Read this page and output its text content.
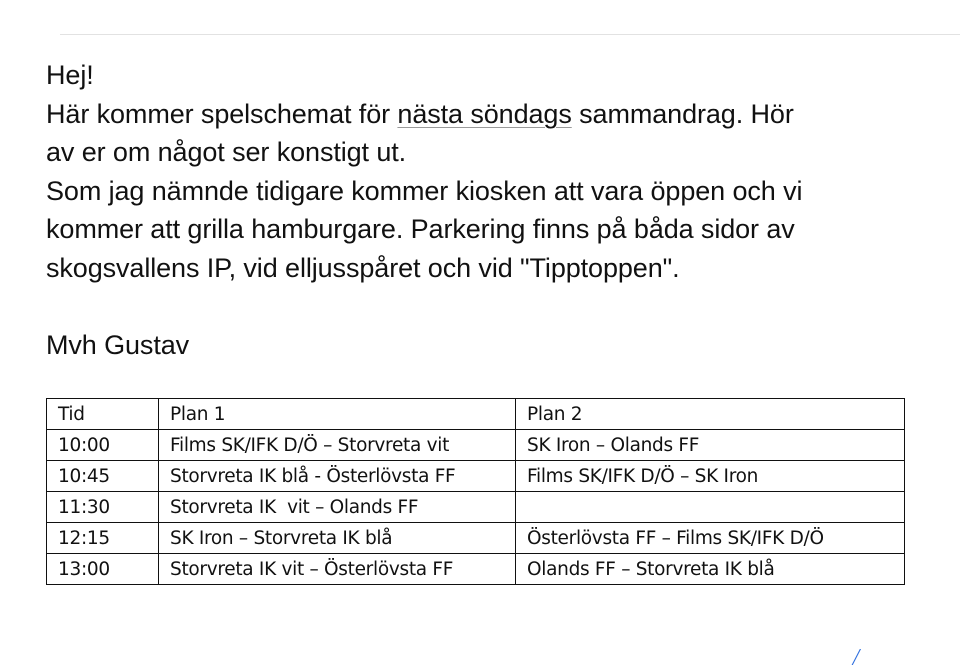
Hej!

Här kommer spelschemat för nästa söndags sammandrag. Hör

av er om något ser konstigt ut.

Som jag nämnde tidigare kommer kiosken att vara öppen och vi

kommer att grilla hamburgare. Parkering finns på båda sidor av

skogsvallens IP, vid elljusspåret och vid "Tipptoppen".

Mvh Gustav

Tid	Plan 1	Plan 2
10:00	Films SK/IFK D/Ö – Storvreta vit	SK Iron – Olands FF
10:45	Storvreta IK blå - Österlövsta FF	Films SK/IFK D/Ö – SK Iron
11:30	Storvreta IK  vit – Olands FF	
12:15	SK Iron – Storvreta IK blå	Österlövsta FF – Films SK/IFK D/Ö
13:00	Storvreta IK vit – Österlövsta FF	Olands FF – Storvreta IK blå
╱
